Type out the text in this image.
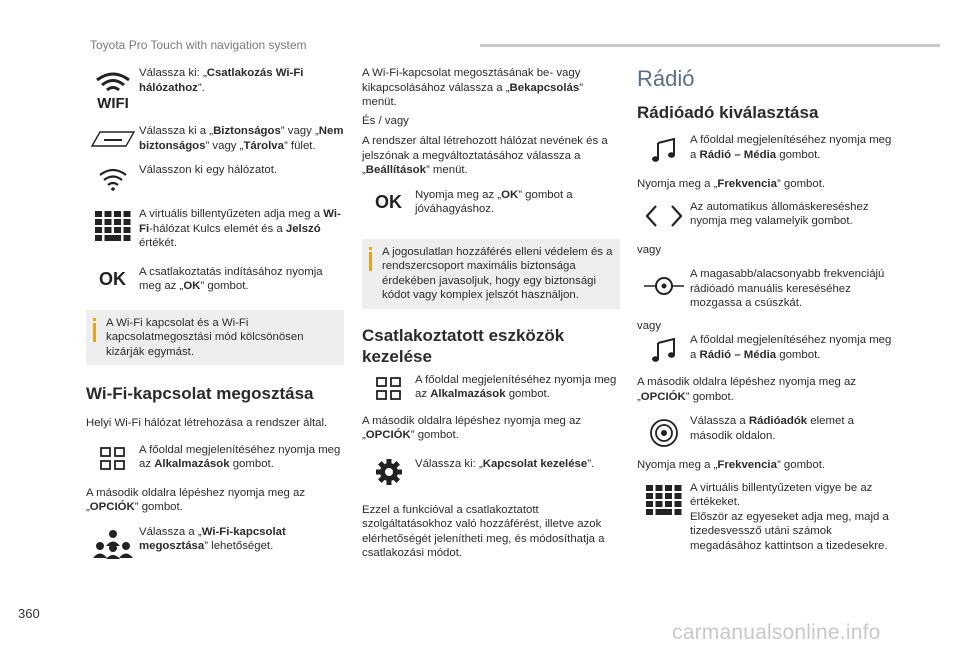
Toyota Pro Touch with navigation system
WIFI
Válassza ki: „Csatlakozás Wi-Fi hálózathoz”.
Válassza ki a „Biztonságos” vagy „Nem biztonságos” vagy „Tárolva” fület.
Válasszon ki egy hálózatot.
A virtuális billentyűzeten adja meg a Wi-Fi-hálózat Kulcs elemét és a Jelszó értékét.
OK A csatlakoztatás indításához nyomja meg az „OK” gombot.
A Wi-Fi kapcsolat és a Wi-Fi kapcsolatmegosztási mód kölcsönösen kizárják egymást.
Wi-Fi-kapcsolat megosztása
Helyi Wi-Fi hálózat létrehozása a rendszer által.
A főoldal megjelenítéséhez nyomja meg az Alkalmazások gombot.
A második oldalra lépéshez nyomja meg az „OPCIÓK” gombot.
Válassza a „Wi-Fi-kapcsolat megosztása” lehetőséget.
A Wi-Fi-kapcsolat megosztásának be- vagy kikapcsolásához válassza a „Bekapcsolás” menüt.
És / vagy
A rendszer által létrehozott hálózat nevének és a jelszónak a megváltoztatásához válassza a „Beállítások” menüt.
OK Nyomja meg az „OK” gombot a jóváhagyáshoz.
A jogosulatlan hozzáférés elleni védelem és a rendszercsoport maximális biztonsága érdekében javasoljuk, hogy egy biztonsági kódot vagy komplex jelszót használjon.
Csatlakoztatott eszközök kezelése
A főoldal megjelenítéséhez nyomja meg az Alkalmazások gombot.
A második oldalra lépéshez nyomja meg az „OPCIÓK” gombot.
Válassza ki: „Kapcsolat kezelése”.
Ezzel a funkcióval a csatlakoztatott szolgáltatásokhoz való hozzáférést, illetve azok elérhetőségét jelenítheti meg, és módosíthatja a csatlakozási módot.
Rádió
Rádióadó kiválasztása
A főoldal megjelenítéséhez nyomja meg a Rádió – Média gombot.
Nyomja meg a „Frekvencia” gombot.
Az automatikus állomáskereséshez nyomja meg valamelyik gombot.
vagy
A magasabb/alacsonyabb frekvenciájú rádióadó manuális kereséséhez mozgassa a csúszkát.
vagy
A főoldal megjelenítéséhez nyomja meg a Rádió – Média gombot.
A második oldalra lépéshez nyomja meg az „OPCIÓK” gombot.
Válassza a Rádióadók elemet a második oldalon.
Nyomja meg a „Frekvencia” gombot.
A virtuális billentyűzeten vigye be az értékeket.
Először az egyeseket adja meg, majd a tizedesvessző utáni számok megadásához kattintson a tizedesekre.
360
carmanualsonline.info
